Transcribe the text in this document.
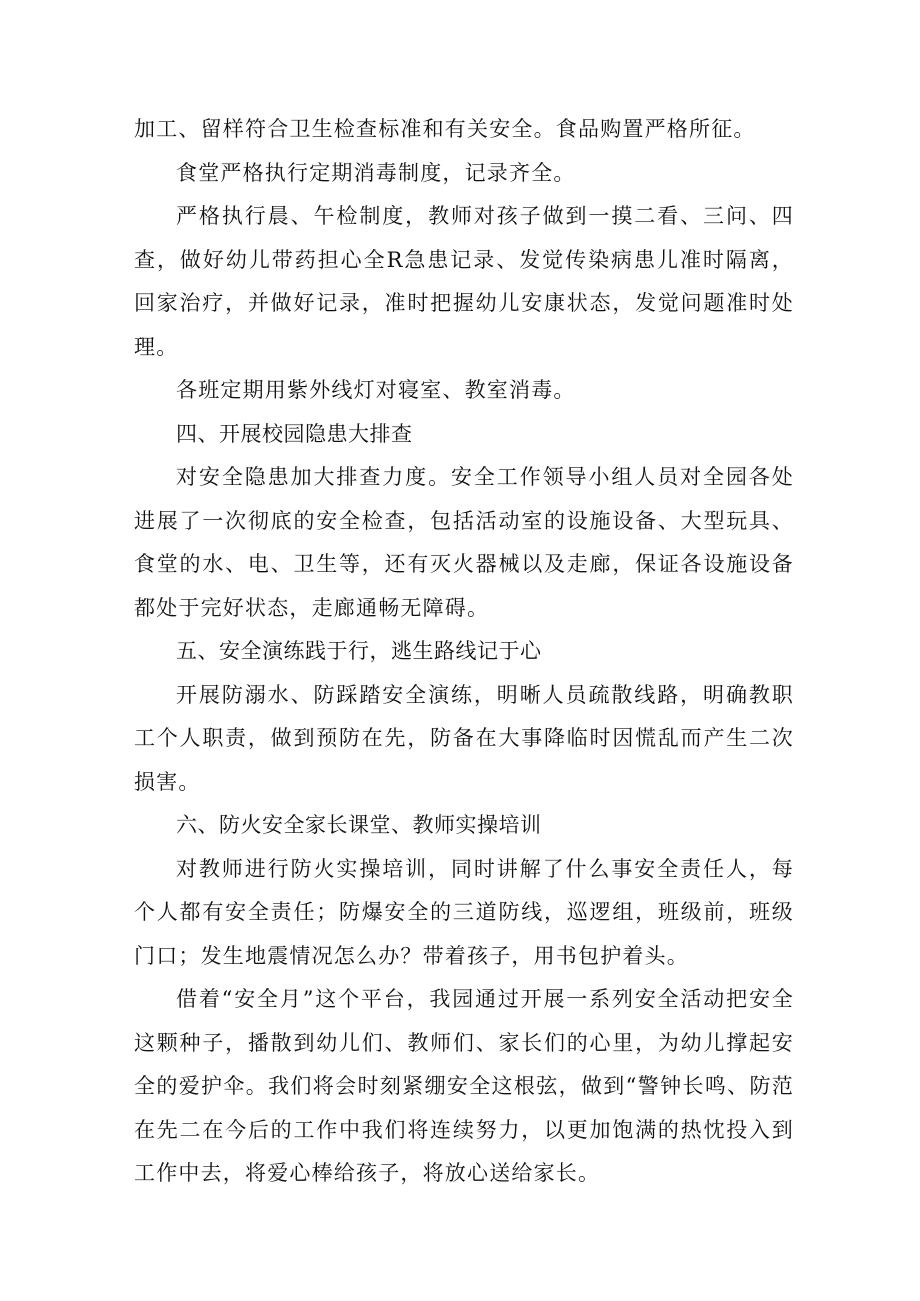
加工、留样符合卫生检查标准和有关安全。食品购置严格所征。

食堂严格执行定期消毒制度，记录齐全。

严格执行晨、午检制度，教师对孩子做到一摸二看、三问、四查，做好幼儿带药担心全R急患记录、发觉传染病患儿准时隔离，回家治疗，并做好记录，准时把握幼儿安康状态，发觉问题准时处理。

各班定期用紫外线灯对寝室、教室消毒。

四、开展校园隐患大排查

对安全隐患加大排查力度。安全工作领导小组人员对全园各处进展了一次彻底的安全检查，包括活动室的设施设备、大型玩具、食堂的水、电、卫生等，还有灭火器械以及走廊，保证各设施设备都处于完好状态，走廊通畅无障碍。

五、安全演练践于行，逃生路线记于心

开展防溺水、防踩踏安全演练，明晰人员疏散线路，明确教职工个人职责，做到预防在先，防备在大事降临时因慌乱而产生二次损害。

六、防火安全家长课堂、教师实操培训

对教师进行防火实操培训，同时讲解了什么事安全责任人，每个人都有安全责任；防爆安全的三道防线，巡逻组，班级前，班级门口；发生地震情况怎么办？带着孩子，用书包护着头。

借着“安全月”这个平台，我园通过开展一系列安全活动把安全这颗种子，播散到幼儿们、教师们、家长们的心里，为幼儿撑起安全的爱护伞。我们将会时刻紧绷安全这根弦，做到“警钟长鸣、防范在先二在今后的工作中我们将连续努力，以更加饱满的热忱投入到工作中去，将爱心棒给孩子，将放心送给家长。
